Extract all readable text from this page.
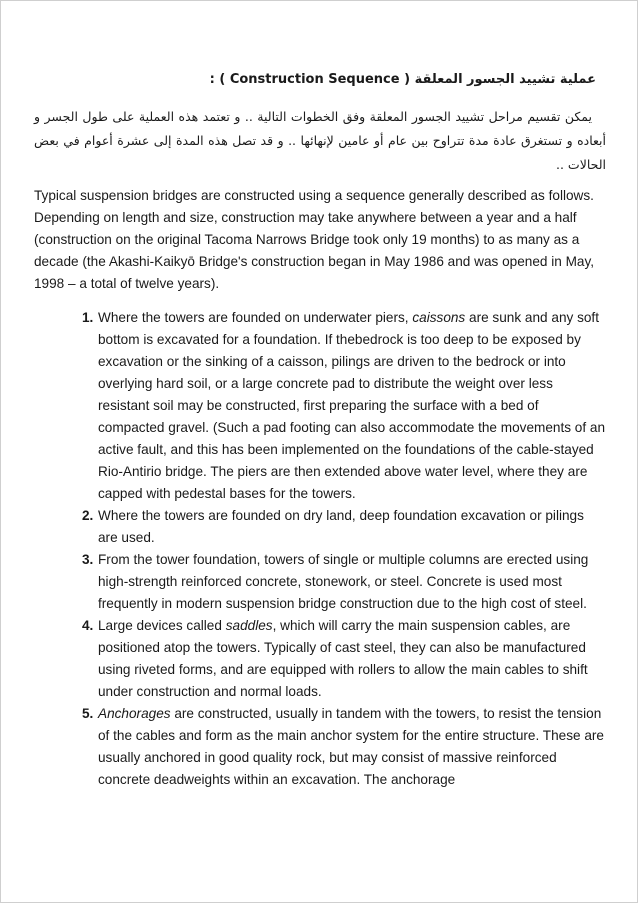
عملية تشييد الجسور المعلقة ( Construction Sequence ) :

يمكن تقسيم مراحل تشييد الجسور المعلقة وفق الخطوات التالية .. و تعتمد هذه العملية على طول الجسر و أبعاده و تستغرق عادة مدة تتراوح بين عام أو عامين لإنهائها .. و قد تصل هذه المدة إلى عشرة أعوام في بعض الحالات ..

Typical suspension bridges are constructed using a sequence generally described as follows. Depending on length and size, construction may take anywhere between a year and a half (construction on the original Tacoma Narrows Bridge took only 19 months) to as many as a decade (the Akashi-Kaikyō Bridge's construction began in May 1986 and was opened in May, 1998 – a total of twelve years).

1. Where the towers are founded on underwater piers, caissons are sunk and any soft bottom is excavated for a foundation. If thebedrock is too deep to be exposed by excavation or the sinking of a caisson, pilings are driven to the bedrock or into overlying hard soil, or a large concrete pad to distribute the weight over less resistant soil may be constructed, first preparing the surface with a bed of compacted gravel. (Such a pad footing can also accommodate the movements of an active fault, and this has been implemented on the foundations of the cable-stayed Rio-Antirio bridge. The piers are then extended above water level, where they are capped with pedestal bases for the towers.
2. Where the towers are founded on dry land, deep foundation excavation or pilings are used.
3. From the tower foundation, towers of single or multiple columns are erected using high-strength reinforced concrete, stonework, or steel. Concrete is used most frequently in modern suspension bridge construction due to the high cost of steel.
4. Large devices called saddles, which will carry the main suspension cables, are positioned atop the towers. Typically of cast steel, they can also be manufactured using riveted forms, and are equipped with rollers to allow the main cables to shift under construction and normal loads.
5. Anchorages are constructed, usually in tandem with the towers, to resist the tension of the cables and form as the main anchor system for the entire structure. These are usually anchored in good quality rock, but may consist of massive reinforced concrete deadweights within an excavation. The anchorage
